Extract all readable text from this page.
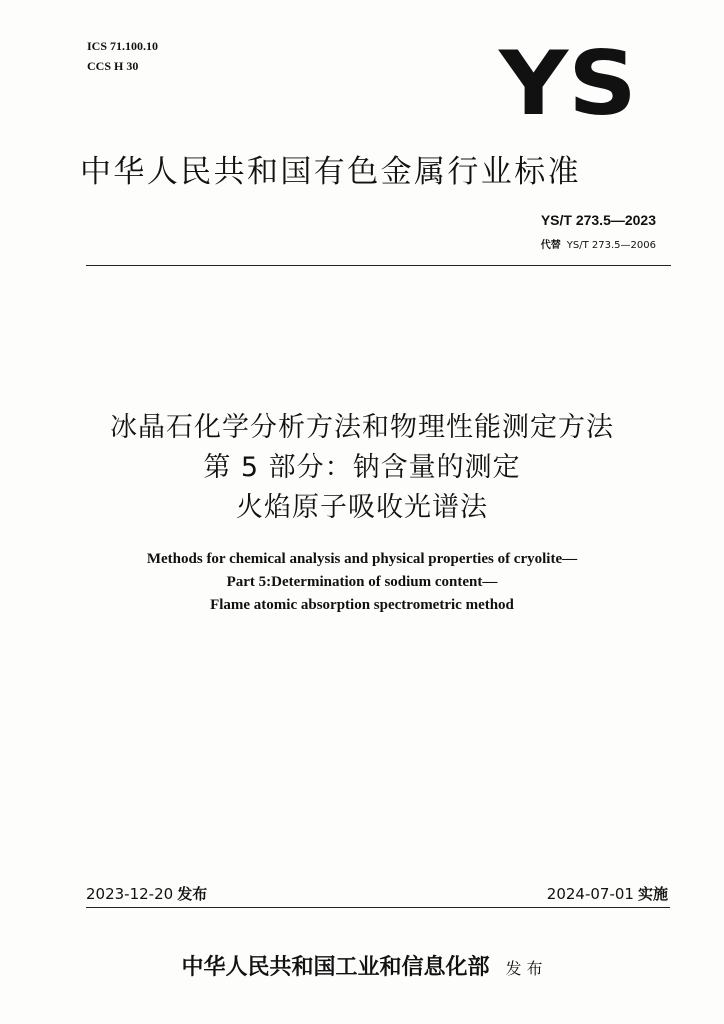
ICS 71.100.10
CCS H 30	YS
中华人民共和国有色金属行业标准
YS/T 273.5—2023
代替 YS/T 273.5—2006
冰晶石化学分析方法和物理性能测定方法
第 5 部分：钠含量的测定
火焰原子吸收光谱法
Methods for chemical analysis and physical properties of cryolite—
Part 5:Determination of sodium content—
Flame atomic absorption spectrometric method
2023-12-20 发布	2024-07-01 实施
中华人民共和国工业和信息化部 发 布
